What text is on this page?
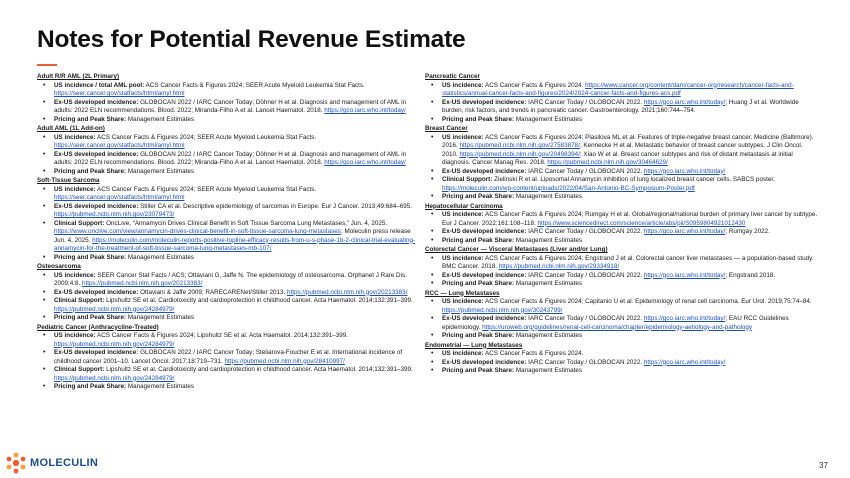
Notes for Potential Revenue Estimate
Adult R/R AML (2L Primary)
• US incidence / total AML pool: ACS Cancer Facts & Figures 2024; SEER Acute Myeloid Leukemia Stat Facts. https://seer.cancer.gov/statfacts/html/amyl.html
• Ex-US developed incidence: GLOBOCAN 2022 / IARC Cancer Today; Döhner H et al. Diagnosis and management of AML in adults: 2022 ELN recommendations. Blood. 2022; Miranda-Filho A et al. Lancet Haematol. 2018. https://gco.iarc.who.int/today/
• Pricing and Peak Share: Management Estimates
Adult AML (1L Add-on)
• US incidence: ACS Cancer Facts & Figures 2024; SEER Acute Myeloid Leukemia Stat Facts. https://seer.cancer.gov/statfacts/html/amyl.html
• Ex-US developed incidence: GLOBOCAN 2022 / IARC Cancer Today; Döhner H et al. Diagnosis and management of AML in adults: 2022 ELN recommendations. Blood. 2022; Miranda-Filho A et al. Lancet Haematol. 2018. https://gco.iarc.who.int/today/
• Pricing and Peak Share: Management Estimates
Soft-Tissue Sarcoma
• US incidence: ACS Cancer Facts & Figures 2024; SEER Acute Myeloid Leukemia Stat Facts. https://seer.cancer.gov/statfacts/html/amyl.html
• Ex-US developed incidence: Stiller CA et al. Descriptive epidemiology of sarcomas in Europe. Eur J Cancer. 2013;49:684–695. https://pubmed.ncbi.nlm.nih.gov/23079473/
• Clinical Support: OncLive, “Annamycin Drives Clinical Benefit in Soft Tissue Sarcoma Lung Metastases,” Jun. 4, 2025. https://www.onclive.com/view/annamycin-drives-clinical-benefit-in-soft-tissue-sarcoma-lung-metastases; Moleculin press release Jun. 4, 2025. https://moleculin.com/moleculin-reports-positive-topline-efficacy-results-from-u-s-phase-1b-2-clinical-trial-evaluating-annamycin-for-the-treatment-of-soft-tissue-sarcoma-lung-metastases-mb-107/
• Pricing and Peak Share: Management Estimates
Osteosarcoma
• US incidence: SEER Cancer Stat Facts / ACS; Ottaviani G, Jaffe N. The epidemiology of osteosarcoma. Orphanet J Rare Dis. 2009;4:8. https://pubmed.ncbi.nlm.nih.gov/20213383/
• Ex-US developed incidence: Ottaviani & Jaffe 2009; RARECARENet/Stiller 2013. https://pubmed.ncbi.nlm.nih.gov/20213383/
• Clinical Support: Lipshultz SE et al. Cardiotoxicity and cardioprotection in childhood cancer. Acta Haematol. 2014;132:391–399. https://pubmed.ncbi.nlm.nih.gov/24284979/
• Pricing and Peak Share: Management Estimates
Pediatric Cancer (Anthracycline-Treated)
• US incidence: ACS Cancer Facts & Figures 2024; Lipshultz SE et al. Acta Haematol. 2014;132:391–399. https://pubmed.ncbi.nlm.nih.gov/24284979/
• Ex-US developed incidence: GLOBOCAN 2022 / IARC Cancer Today; Steliarova-Foucher E et al. International incidence of childhood cancer 2001–10. Lancet Oncol. 2017;18:719–731. https://pubmed.ncbi.nlm.nih.gov/28410997/
• Clinical Support: Lipshultz SE et al. Cardiotoxicity and cardioprotection in childhood cancer. Acta Haematol. 2014;132:391–399. https://pubmed.ncbi.nlm.nih.gov/24284979/
• Pricing and Peak Share: Management Estimates
Pancreatic Cancer
• US incidence: ACS Cancer Facts & Figures 2024. https://www.cancer.org/content/dam/cancer-org/research/cancer-facts-and-statistics/annual-cancer-facts-and-figures/2024/2024-cancer-facts-and-figures-acs.pdf
• Ex-US developed incidence: IARC Cancer Today / GLOBOCAN 2022. https://gco.iarc.who.int/today/; Huang J et al. Worldwide burden, risk factors, and trends in pancreatic cancer. Gastroenterology. 2021;160:744–754.
• Pricing and Peak Share: Management Estimates
Breast Cancer
• US incidence: ACS Cancer Facts & Figures 2024; Plasilova ML et al. Features of triple-negative breast cancer. Medicine (Baltimore). 2016. https://pubmed.ncbi.nlm.nih.gov/27583878/; Kennecke H et al. Metastatic behavior of breast cancer subtypes. J Clin Oncol. 2010. https://pubmed.ncbi.nlm.nih.gov/20498394/; Xiao W et al. Breast cancer subtypes and risk of distant metastasis at initial diagnosis. Cancer Manag Res. 2018. https://pubmed.ncbi.nlm.nih.gov/30464629/
• Ex-US developed incidence: IARC Cancer Today / GLOBOCAN 2022. https://gco.iarc.who.int/today/
• Clinical Support: Zielinski R et al. Liposomal Annamycin inhibition of lung localized breast cancer cells. SABCS poster. https://moleculin.com/wp-content/uploads/2022/04/San-Antonio-BC-Symposium-Poster.pdf
• Pricing and Peak Share: Management Estimates
Hepatocellular Carcinoma
• US incidence: ACS Cancer Facts & Figures 2024; Rumgay H et al. Global/regional/national burden of primary liver cancer by subtype. Eur J Cancer. 2022;161:108–118. https://www.sciencedirect.com/science/article/abs/pii/S0959804921012430
• Ex-US developed incidence: IARC Cancer Today / GLOBOCAN 2022. https://gco.iarc.who.int/today/; Rumgay 2022.
• Pricing and Peak Share: Management Estimates
Colorectal Cancer — Visceral Metastases (Liver and/or Lung)
• US incidence: ACS Cancer Facts & Figures 2024; Engstrand J et al. Colorectal cancer liver metastases — a population-based study. BMC Cancer. 2018. https://pubmed.ncbi.nlm.nih.gov/29334918/
• Ex-US developed incidence: IARC Cancer Today / GLOBOCAN 2022. https://gco.iarc.who.int/today/; Engstrand 2018.
• Pricing and Peak Share: Management Estimates
RCC — Lung Metastases
• US incidence: ACS Cancer Facts & Figures 2024; Capitanio U et al. Epidemiology of renal cell carcinoma. Eur Urol. 2019;75:74–84. https://pubmed.ncbi.nlm.nih.gov/30243799/
• Ex-US developed incidence: IARC Cancer Today / GLOBOCAN 2022. https://gco.iarc.who.int/today/; EAU RCC Guidelines epidemiology. https://uroweb.org/guidelines/renal-cell-carcinoma/chapter/epidemiology-aetiology-and-pathology
• Pricing and Peak Share: Management Estimates
Endometrial — Lung Metastases
• US incidence: ACS Cancer Facts & Figures 2024.
• Ex-US developed incidence: IARC Cancer Today / GLOBOCAN 2022. https://gco.iarc.who.int/today/
• Pricing and Peak Share: Management Estimates
MOLECULIN	37
